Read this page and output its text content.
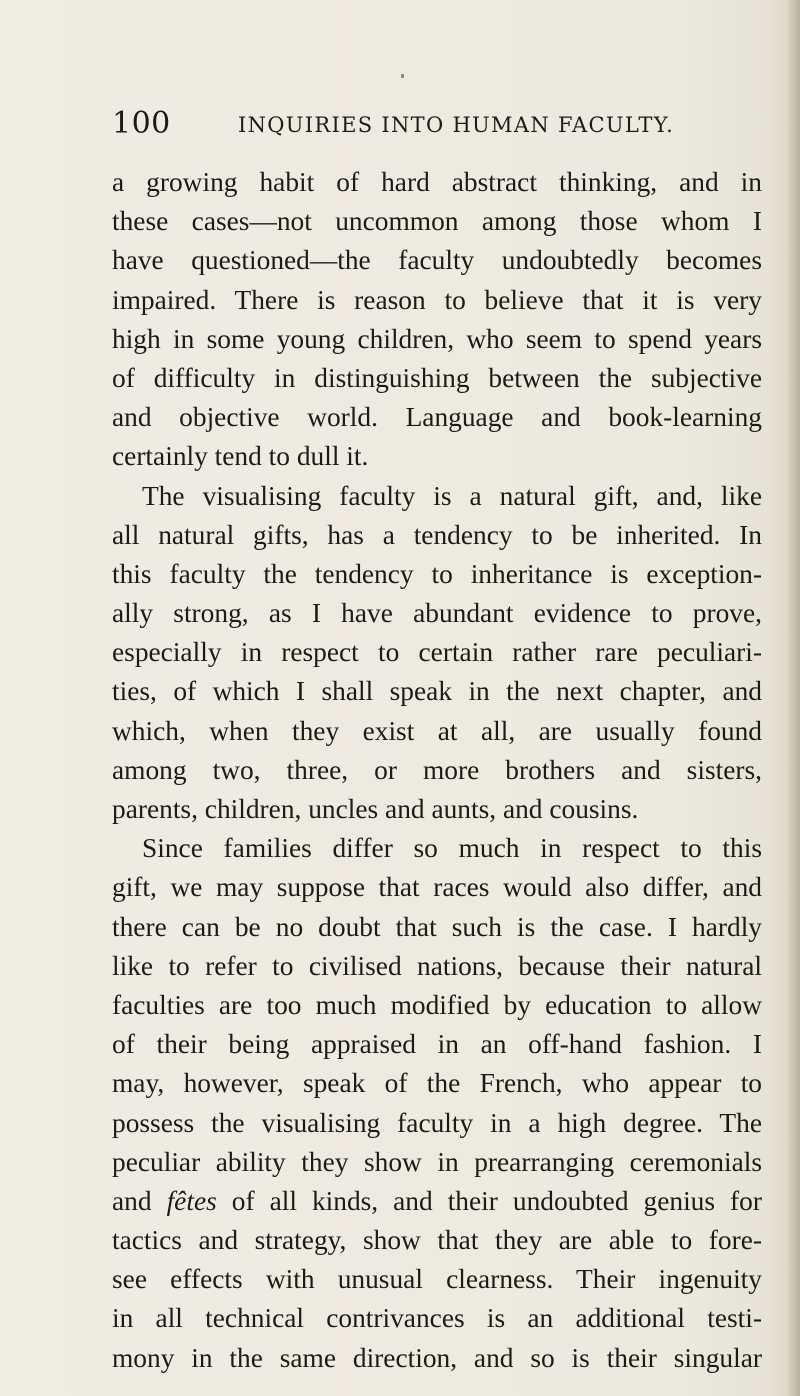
100	INQUIRIES INTO HUMAN FACULTY.
a growing habit of hard abstract thinking, and in
these cases—not uncommon among those whom I
have questioned—the faculty undoubtedly becomes
impaired. There is reason to believe that it is very
high in some young children, who seem to spend years
of difficulty in distinguishing between the subjective
and objective world. Language and book-learning
certainly tend to dull it.
The visualising faculty is a natural gift, and, like
all natural gifts, has a tendency to be inherited. In
this faculty the tendency to inheritance is exception-
ally strong, as I have abundant evidence to prove,
especially in respect to certain rather rare peculiari-
ties, of which I shall speak in the next chapter, and
which, when they exist at all, are usually found
among two, three, or more brothers and sisters,
parents, children, uncles and aunts, and cousins.
Since families differ so much in respect to this
gift, we may suppose that races would also differ, and
there can be no doubt that such is the case. I hardly
like to refer to civilised nations, because their natural
faculties are too much modified by education to allow
of their being appraised in an off-hand fashion. I
may, however, speak of the French, who appear to
possess the visualising faculty in a high degree. The
peculiar ability they show in prearranging ceremonials
and fêtes of all kinds, and their undoubted genius for
tactics and strategy, show that they are able to fore-
see effects with unusual clearness. Their ingenuity
in all technical contrivances is an additional testi-
mony in the same direction, and so is their singular
